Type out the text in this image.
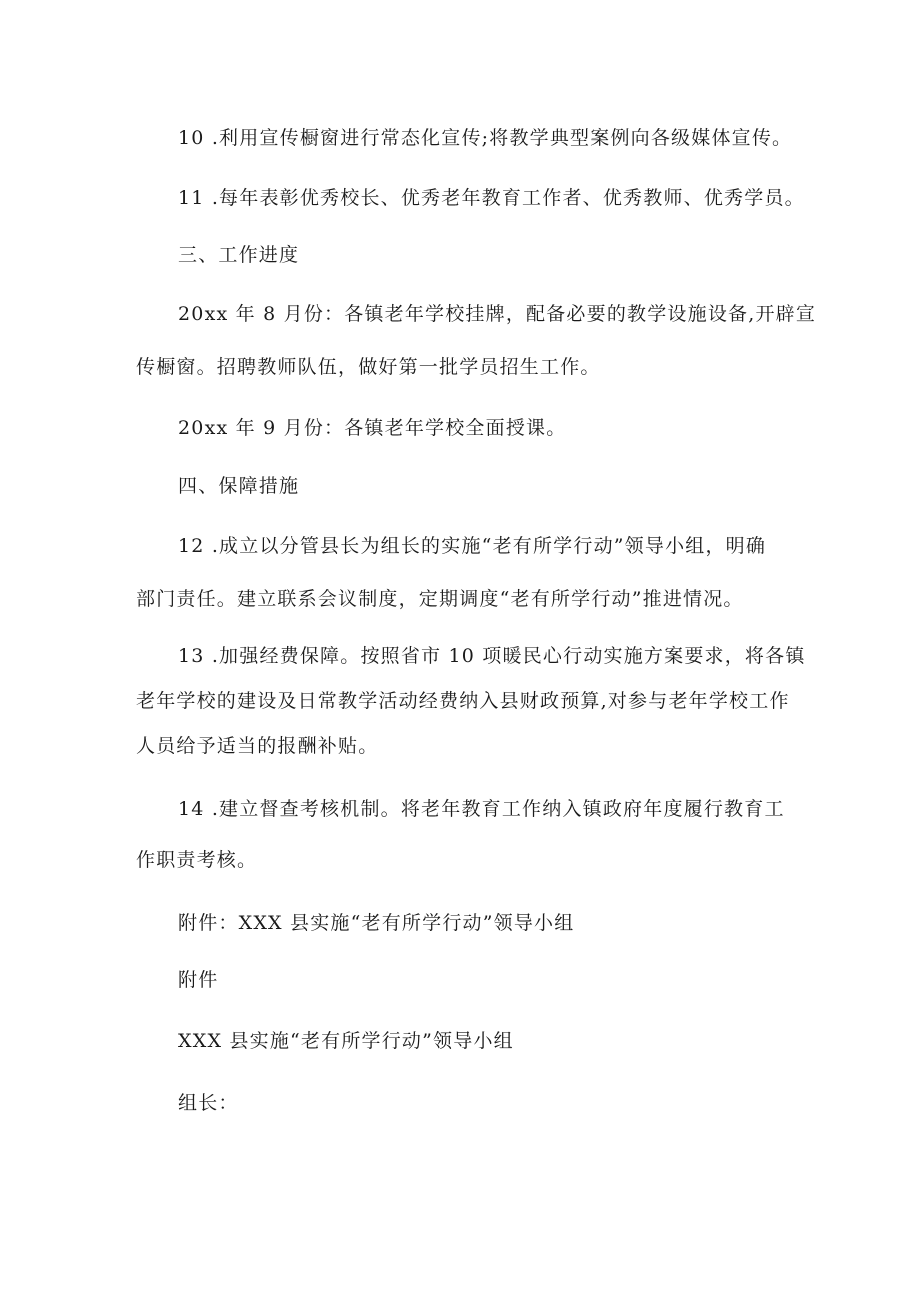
10 .利用宣传橱窗进行常态化宣传;将教学典型案例向各级媒体宣传。
11 .每年表彰优秀校长、优秀老年教育工作者、优秀教师、优秀学员。
三、工作进度
20xx 年 8 月份：各镇老年学校挂牌，配备必要的教学设施设备,开辟宣
传橱窗。招聘教师队伍，做好第一批学员招生工作。
20xx 年 9 月份：各镇老年学校全面授课。
四、保障措施
12 .成立以分管县长为组长的实施“老有所学行动”领导小组，明确
部门责任。建立联系会议制度，定期调度“老有所学行动”推进情况。
13 .加强经费保障。按照省市 10 项暖民心行动实施方案要求，将各镇
老年学校的建设及日常教学活动经费纳入县财政预算,对参与老年学校工作
人员给予适当的报酬补贴。
14 .建立督查考核机制。将老年教育工作纳入镇政府年度履行教育工
作职责考核。
附件：XXX 县实施“老有所学行动”领导小组
附件
XXX 县实施“老有所学行动”领导小组
组长：
